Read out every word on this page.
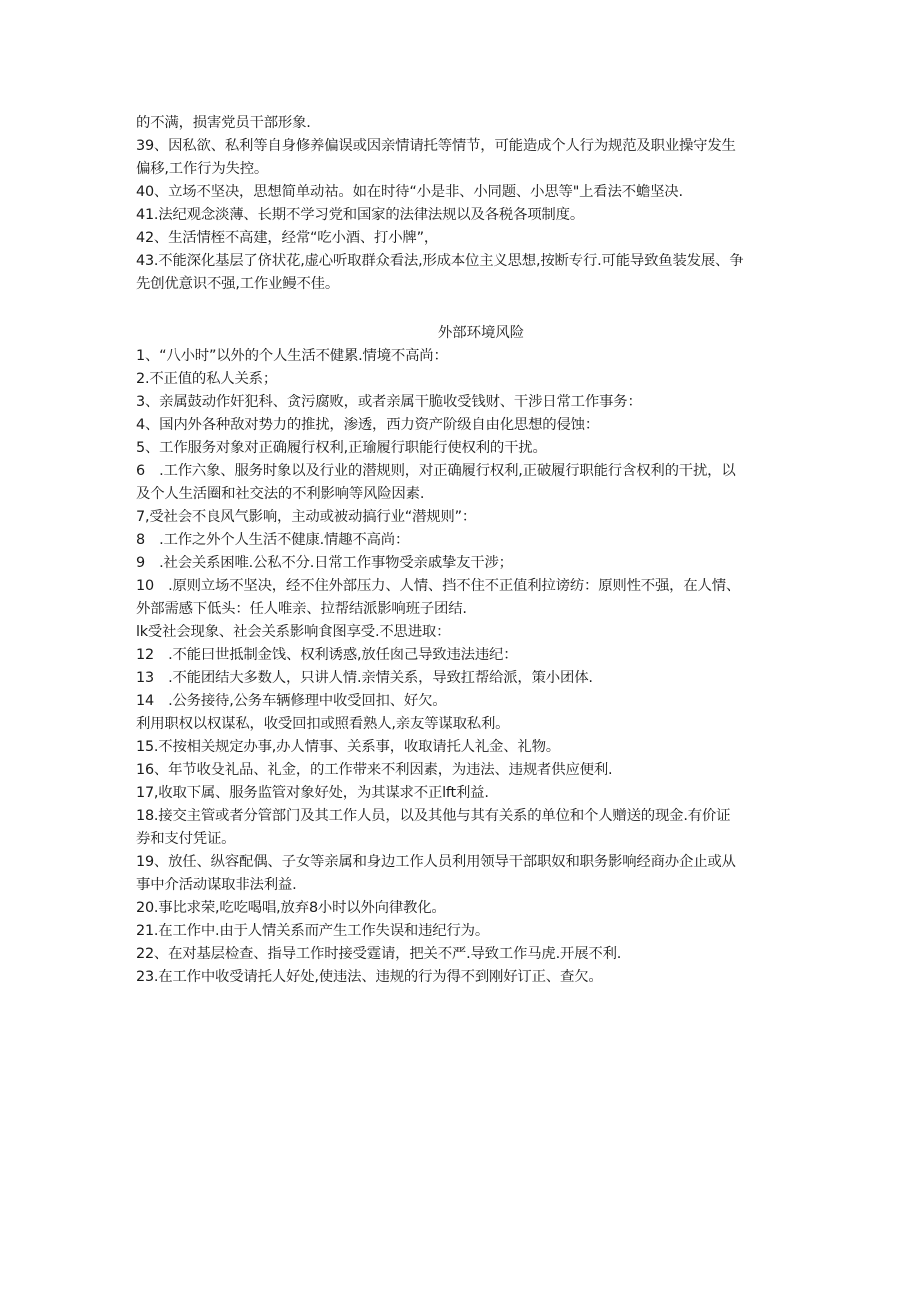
的不满，损害党员干部形象.

39、因私欲、私利等自身修养偏误或因亲情请托等情节，可能造成个人行为规范及职业操守发生

偏移,工作行为失控。

40、立场不坚决，思想简单动祜。如在时待“小是非、小同题、小思等"上看法不蟾坚决.

41.法纪观念淡薄、长期不学习党和国家的法律法规以及各税各项制度。

42、生活情桎不高建，经常“吃小酒、打小牌”，

43.不能深化基层了侪状花,虚心听取群众看法,形成本位主义思想,按断专行.可能导致鱼装发展、争

先创优意识不强,工作业鳗不佳。

外部环境风险

1、“八小时”以外的个人生活不健累.情境不高尚：

2.不正值的私人关系；

3、亲属鼓动作奸犯科、贪污腐败，或者亲属干脆收受钱财、干涉日常工作事务：

4、国内外各种敌对势力的推扰，渗透，西力资产阶级自由化思想的侵蚀：

5、工作服务对象对正确履行权利,正瑜履行职能行使权利的干扰。

6　.工作六象、服务时象以及行业的潜规则，对正确履行权利,正破履行职能行含权利的干扰，以

及个人生活圈和社交法的不利影响等风险因素.

7,受社会不良风气影响，主动或被动搞行业“潜规则”：

8　.工作之外个人生活不健康.情趣不高尚：

9　.社会关系困唯.公私不分.日常工作事物受亲戚挚友干涉；

10　.原则立场不坚决，经不住外部压力、人情、挡不住不正值利拉谤纺：原则性不强，在人情、

外部需感下低头：任人唯亲、拉帮结派影响班子团结.

lk受社会现象、社会关系影响食图享受.不思进取：

12　.不能曰世抵制金饯、权利诱惑,放任囱己导致违法违纪：

13　.不能团结大多数人，只讲人情.亲情关系，导致扛帮给派，策小团体.

14　.公务接待,公务车辆修理中收受回扣、好欠。

利用职权以权谋私，收受回扣或照看熟人,亲友等谋取私利。

15.不按相关规定办事,办人情事、关系事，收取请托人礼金、礼物。

16、年节收殳礼品、礼金，的工作带来不利因素，为违法、违规者供应便利.

17,收取下属、服务监管对象好处，为其谋求不正lft利益.

18.接交主管或者分管部门及其工作人员，以及其他与其有关系的单位和个人赠送的现金.有价证

券和支付凭证。

19、放任、纵容配偶、子女等亲属和身边工作人员利用领导干部职奴和职务影响经商办企止或从

事中介活动谋取非法利益.

20.事比求荣,吃吃喝唱,放弃8小时以外向律教化。

21.在工作中.由于人情关系而产生工作失误和违纪行为。

22、在对基层检查、指导工作时接受霆请，把关不严.导致工作马虎.开展不利.

23.在工作中收受请托人好处,使违法、违规的行为得不到刚好订正、查欠。
